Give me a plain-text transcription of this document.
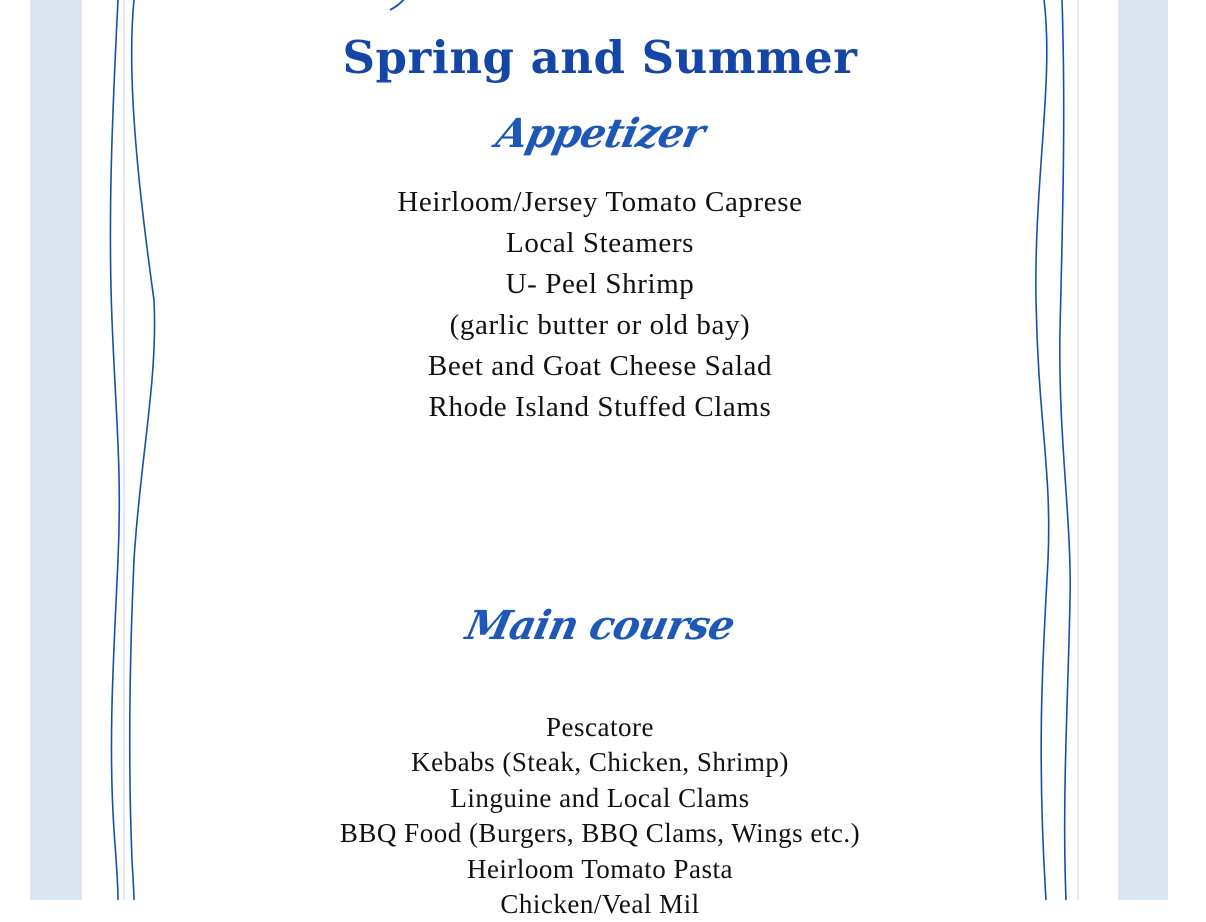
Spring and Summer
Appetizer
Heirloom/Jersey Tomato Caprese
Local Steamers
U- Peel Shrimp
(garlic butter or old bay)
Beet and Goat Cheese Salad
Rhode Island Stuffed Clams
Main course
Pescatore
Kebabs (Steak, Chicken, Shrimp)
Linguine and Local Clams
BBQ Food (Burgers, BBQ Clams, Wings etc.)
Heirloom Tomato Pasta
Chicken/Veal Mil
